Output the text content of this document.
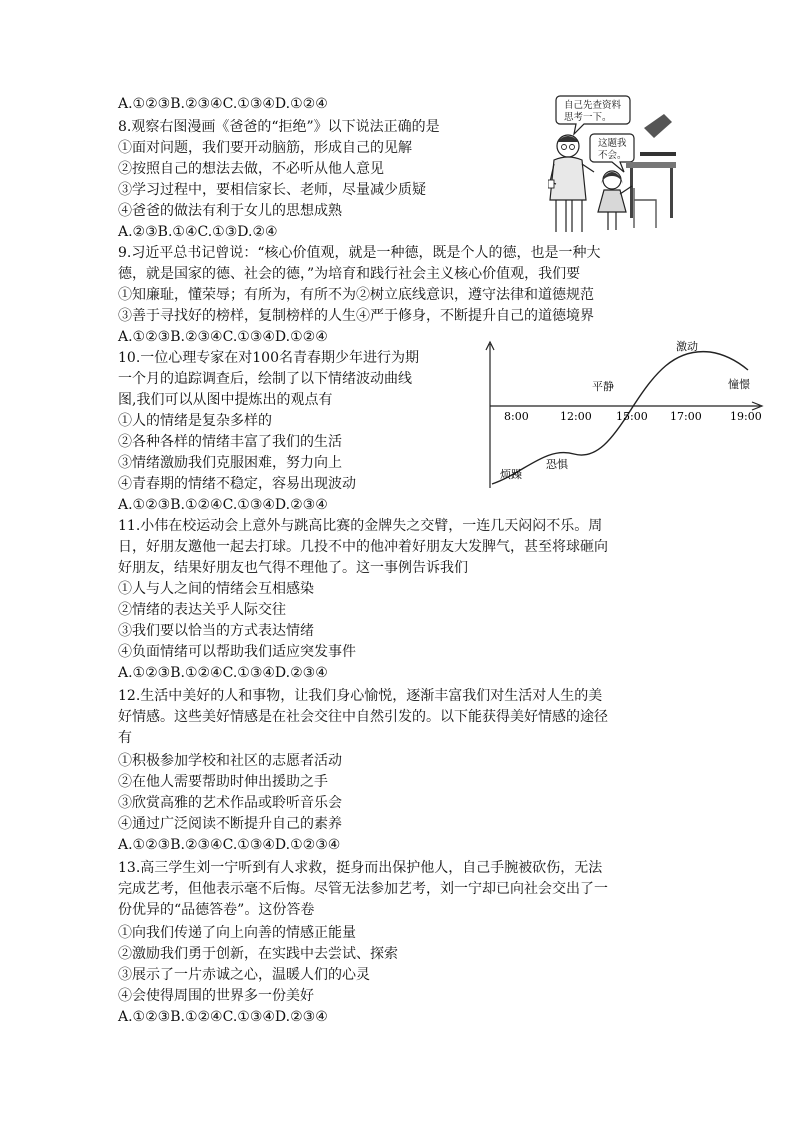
A.①②③B.②③④C.①③④D.①②④
8.观察右图漫画《爸爸的“拒绝”》以下说法正确的是
①面对问题，我们要开动脑筋，形成自己的见解
②按照自己的想法去做，不必听从他人意见
③学习过程中，要相信家长、老师，尽量减少质疑
④爸爸的做法有利于女儿的思想成熟
A.②③B.①④C.①③D.②④
9.习近平总书记曾说：“核心价值观，就是一种德，既是个人的德，也是一种大
德，就是国家的德、社会的德，”为培育和践行社会主义核心价值观，我们要
①知廉耻，懂荣辱；有所为，有所不为②树立底线意识，遵守法律和道德规范
③善于寻找好的榜样，复制榜样的人生④严于修身，不断提升自己的道德境界
A.①②③B.②③④C.①③④D.①②④
10.一位心理专家在对100名青春期少年进行为期
一个月的追踪调查后，绘制了以下情绪波动曲线
图,我们可以从图中提炼出的观点有
①人的情绪是复杂多样的
②各种各样的情绪丰富了我们的生活
③情绪激励我们克服困难，努力向上
④青春期的情绪不稳定，容易出现波动
A.①②③B.①②④C.①③④D.②③④
11.小伟在校运动会上意外与跳高比赛的金牌失之交臂，一连几天闷闷不乐。周
日，好朋友邀他一起去打球。几投不中的他冲着好朋友大发脾气，甚至将球砸向
好朋友，结果好朋友也气得不理他了。这一事例告诉我们
①人与人之间的情绪会互相感染
②情绪的表达关乎人际交往
③我们要以恰当的方式表达情绪
④负面情绪可以帮助我们适应突发事件
A.①②③B.①②④C.①③④D.②③④
12.生活中美好的人和事物，让我们身心愉悦，逐渐丰富我们对生活对人生的美
好情感。这些美好情感是在社会交往中自然引发的。以下能获得美好情感的途径
有
①积极参加学校和社区的志愿者活动
②在他人需要帮助时伸出援助之手
③欣赏高雅的艺术作品或聆听音乐会
④通过广泛阅读不断提升自己的素养
A.①②③B.②③④C.①③④D.①②③④
13.高三学生刘一宁听到有人求救，挺身而出保护他人，自己手腕被砍伤，无法
完成艺考，但他表示毫不后悔。尽管无法参加艺考，刘一宁却已向社会交出了一
份优异的“品德答卷”。这份答卷
①向我们传递了向上向善的情感正能量
②激励我们勇于创新，在实践中去尝试、探索
③展示了一片赤诚之心，温暖人们的心灵
④会使得周围的世界多一份美好
A.①②③B.①②④C.①③④D.②③④
自己先查资料
思考一下。
这题我
不会。
8:00	12:00 15:00 17:00	19:00
烦躁
恐惧
平静
激动
憧憬
